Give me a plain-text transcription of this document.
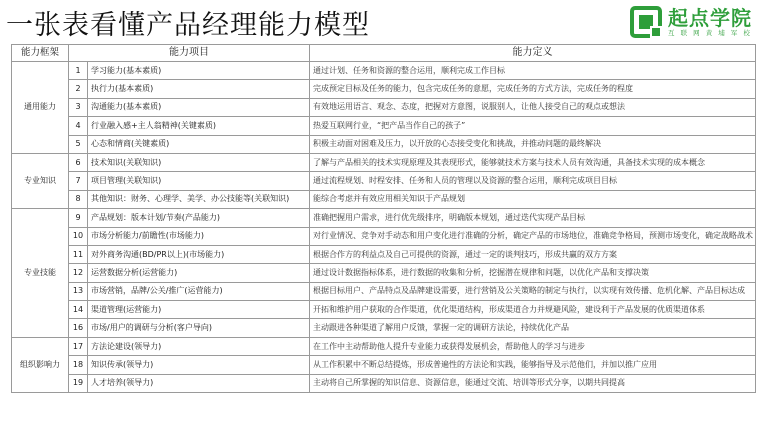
一张表看懂产品经理能力模型	起点学院
互 联 网 黄 埔 军 校
能力框架	能力项目		能力定义
通用能力	1	学习能力(基本素质)	通过计划、任务和资源的整合运用，顺利完成工作目标
	2	执行力(基本素质)	完成预定目标及任务的能力，包含完成任务的意愿，完成任务的方式方法，完成任务的程度
	3	沟通能力(基本素质)	有效地运用语言、观念、态度，把握对方意图，说服别人，让他人接受自己的观点或想法
	4	行业融入感+主人翁精神(关键素质)	热爱互联网行业，“把产品当作自己的孩子”
	5	心态和情商(关键素质)	积极主动面对困难及压力，以开放的心态接受变化和挑战，并推动问题的最终解决
专业知识	6	技术知识(关联知识)	了解与产品相关的技术实现原理及其表现形式，能够就技术方案与技术人员有效沟通，具备技术实现的成本概念
	7	项目管理(关联知识)	通过流程规划、时程安排、任务和人员的管理以及资源的整合运用，顺利完成项目目标
	8	其他知识：财务、心理学、美学、办公技能等(关联知识)	能综合考虑并有效应用相关知识于产品规划
专业技能	9	产品规划：版本计划/节奏(产品能力)	准确把握用户需求，进行优先级排序，明确版本规划，通过迭代实现产品目标
	10	市场分析能力/前瞻性(市场能力)	对行业情况、竞争对手动态和用户变化进行准确的分析，确定产品的市场地位，准确竞争格局，预测市场变化，确定战略战术
	11	对外商务沟通(BD/PR以上)(市场能力)	根据合作方的利益点及自己可提供的资源，通过一定的谈判技巧，形成共赢的双方方案
	12	运营数据分析(运营能力)	通过设计数据指标体系，进行数据的收集和分析，挖掘潜在规律和问题，以优化产品和支撑决策
	13	市场营销，品牌/公关/推广(运营能力)	根据目标用户、产品特点及品牌建设需要，进行营销及公关策略的制定与执行，以实现有效传播、危机化解、产品目标达成
	14	渠道管理(运营能力)	开拓和维护用户获取的合作渠道，优化渠道结构，形成渠道合力并规避风险，建设利于产品发展的优质渠道体系
	16	市场/用户的调研与分析(客户导向)	主动跟进各种渠道了解用户反馈，掌握一定的调研方法论，持续优化产品
组织影响力	17	方法论建设(领导力)	在工作中主动帮助他人提升专业能力或获得发展机会，帮助他人的学习与进步
	18	知识传承(领导力)	从工作积累中不断总结提炼，形成普遍性的方法论和实践，能够指导及示范他们，并加以推广应用
	19	人才培养(领导力)	主动将自己所掌握的知识信息、资源信息，能通过交流、培训等形式分享，以期共同提高
